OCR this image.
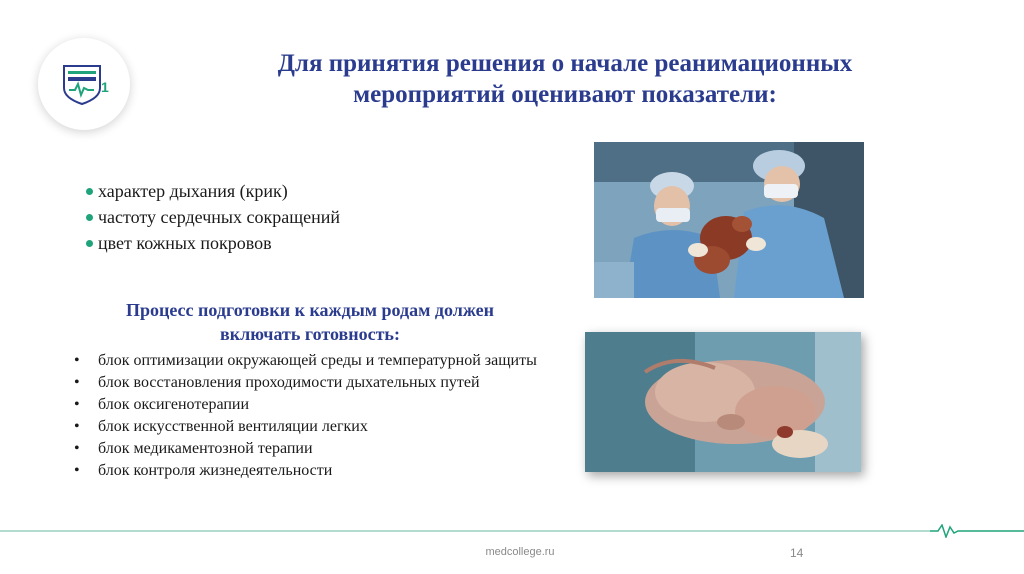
1
Для принятия решения о начале реанимационных
мероприятий оценивают показатели:
характер дыхания (крик)
частоту сердечных сокращений
цвет кожных покровов
Процесс подготовки к каждым родам должен
включать готовность:
• блок оптимизации окружающей среды и температурной защиты
• блок восстановления проходимости дыхательных путей
• блок оксигенотерапии
• блок искусственной вентиляции легких
• блок медикаментозной терапии
• блок контроля жизнедеятельности
medcollege.ru	14
